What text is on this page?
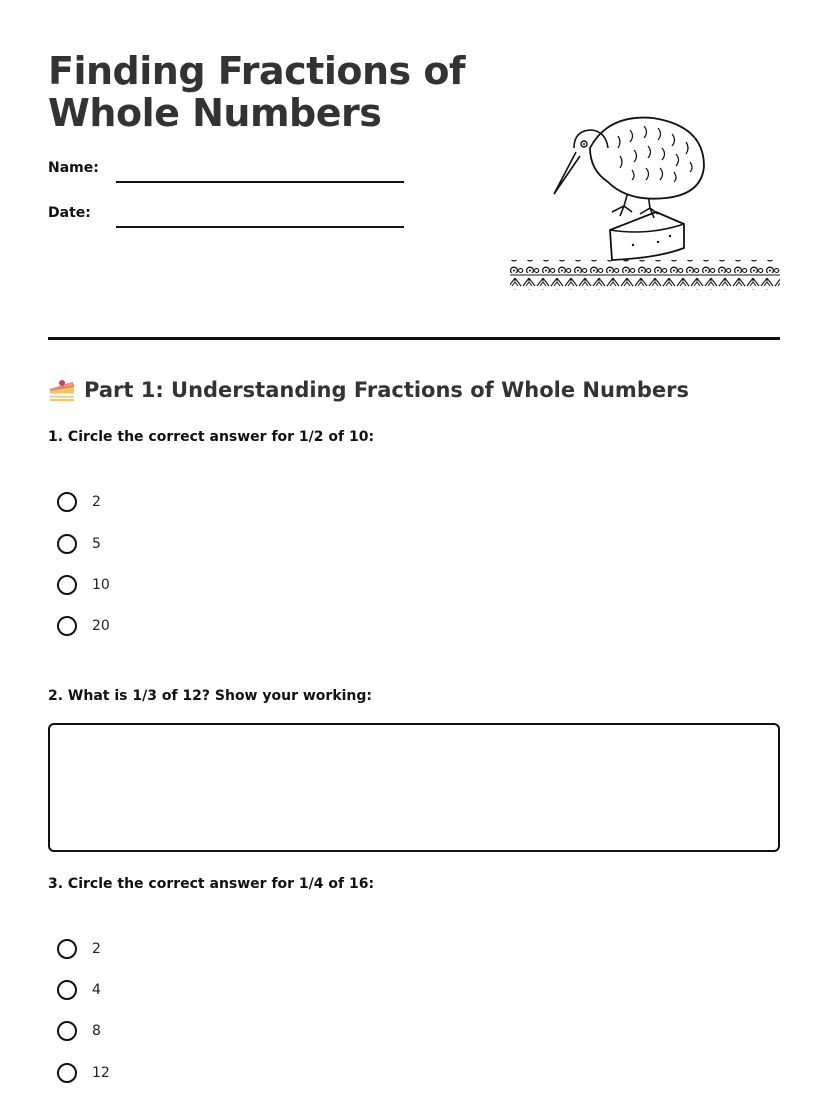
Finding Fractions of Whole Numbers
Name:
Date:
Part 1: Understanding Fractions of Whole Numbers
1. Circle the correct answer for 1/2 of 10:
2
5
10
20
2. What is 1/3 of 12? Show your working:
3. Circle the correct answer for 1/4 of 16:
2
4
8
12
